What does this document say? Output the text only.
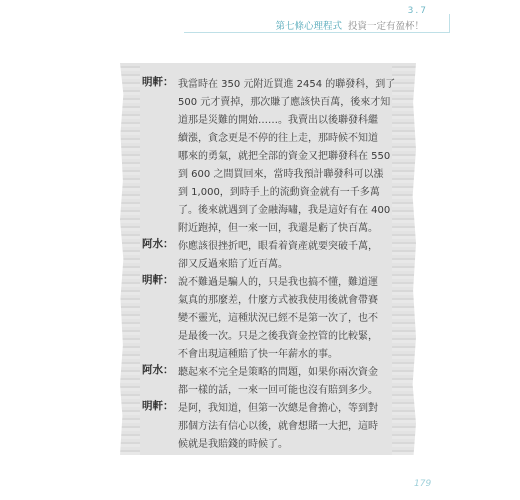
3.7
第七條心理程式 投資一定有盈杯！
明軒： 我當時在 350 元附近買進 2454 的聯發科，到了
500 元才賣掉，那次賺了應該快百萬，後來才知
道那是災難的開始……。我賣出以後聯發科繼
續漲，貪念更是不停的往上走，那時候不知道
哪來的勇氣，就把全部的資金又把聯發科在 550
到 600 之間買回來，當時我預計聯發科可以漲
到 1,000，到時手上的流動資金就有一千多萬
了。後來就遇到了金融海嘯，我是這好有在 400
附近跑掉，但一來一回，我還是虧了快百萬。
阿水： 你應該很挫折吧，眼看着資產就要突破千萬，
卻又反過來賠了近百萬。
明軒： 說不難過是騙人的，只是我也搞不懂，難道運
氣真的那麼差，什麼方式被我使用後就會帶賽
變不靈光，這種狀況已經不是第一次了，也不
是最後一次。只是之後我資金控管的比較緊，
不會出現這種賠了快一年薪水的事。
阿水： 聽起來不完全是策略的問題，如果你兩次資金
都一樣的話，一來一回可能也沒有賠到多少。
明軒： 是阿，我知道，但第一次總是會擔心，等到對
那個方法有信心以後，就會想賭一大把，這時
候就是我賠錢的時候了。
179
